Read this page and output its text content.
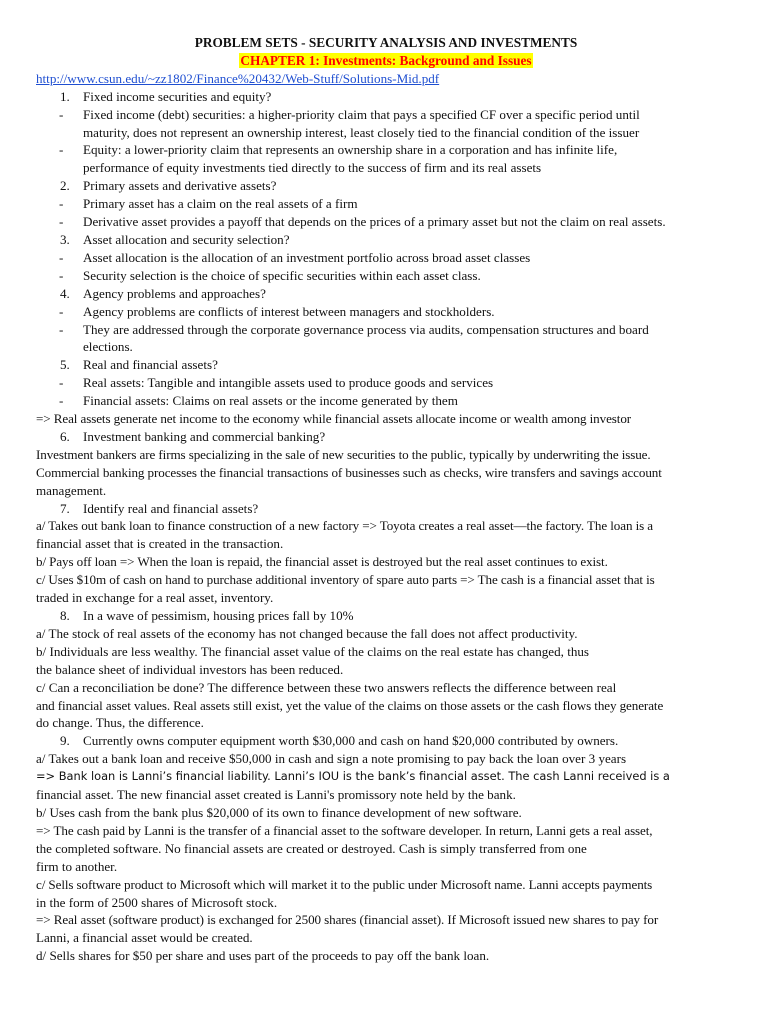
PROBLEM SETS - SECURITY ANALYSIS AND INVESTMENTS
CHAPTER 1: Investments: Background and Issues
http://www.csun.edu/~zz1802/Finance%20432/Web-Stuff/Solutions-Mid.pdf
1. Fixed income securities and equity?
- Fixed income (debt) securities: a higher-priority claim that pays a specified CF over a specific period until
maturity, does not represent an ownership interest, least closely tied to the financial condition of the issuer
- Equity: a lower-priority claim that represents an ownership share in a corporation and has infinite life,
performance of equity investments tied directly to the success of firm and its real assets
2. Primary assets and derivative assets?
- Primary asset has a claim on the real assets of a firm
- Derivative asset provides a payoff that depends on the prices of a primary asset but not the claim on real assets.
3. Asset allocation and security selection?
- Asset allocation is the allocation of an investment portfolio across broad asset classes
- Security selection is the choice of specific securities within each asset class.
4. Agency problems and approaches?
- Agency problems are conflicts of interest between managers and stockholders.
- They are addressed through the corporate governance process via audits, compensation structures and board
elections.
5. Real and financial assets?
- Real assets: Tangible and intangible assets used to produce goods and services
- Financial assets: Claims on real assets or the income generated by them
=> Real assets generate net income to the economy while financial assets allocate income or wealth among investor
6. Investment banking and commercial banking?
Investment bankers are firms specializing in the sale of new securities to the public, typically by underwriting the issue.
Commercial banking processes the financial transactions of businesses such as checks, wire transfers and savings account
management.
7. Identify real and financial assets?
a/ Takes out bank loan to finance construction of a new factory => Toyota creates a real asset—the factory. The loan is a
financial asset that is created in the transaction.
b/ Pays off loan => When the loan is repaid, the financial asset is destroyed but the real asset continues to exist.
c/ Uses $10m of cash on hand to purchase additional inventory of spare auto parts => The cash is a financial asset that is
traded in exchange for a real asset, inventory.
8. In a wave of pessimism, housing prices fall by 10%
a/ The stock of real assets of the economy has not changed because the fall does not affect productivity.
b/ Individuals are less wealthy. The financial asset value of the claims on the real estate has changed, thus
the balance sheet of individual investors has been reduced.
c/ Can a reconciliation be done? The difference between these two answers reflects the difference between real
and financial asset values. Real assets still exist, yet the value of the claims on those assets or the cash flows they generate
do change. Thus, the difference.
9. Currently owns computer equipment worth $30,000 and cash on hand $20,000 contributed by owners.
a/ Takes out a bank loan and receive $50,000 in cash and sign a note promising to pay back the loan over 3 years
=> Bank loan is Lanni’s financial liability. Lanni’s IOU is the bank’s financial asset. The cash Lanni received is a
financial asset. The new financial asset created is Lanni's promissory note held by the bank.
b/ Uses cash from the bank plus $20,000 of its own to finance development of new software.
=> The cash paid by Lanni is the transfer of a financial asset to the software developer. In return, Lanni gets a real asset,
the completed software. No financial assets are created or destroyed. Cash is simply transferred from one
firm to another.
c/ Sells software product to Microsoft which will market it to the public under Microsoft name. Lanni accepts payments
in the form of 2500 shares of Microsoft stock.
=> Real asset (software product) is exchanged for 2500 shares (financial asset). If Microsoft issued new shares to pay for
Lanni, a financial asset would be created.
d/ Sells shares for $50 per share and uses part of the proceeds to pay off the bank loan.
